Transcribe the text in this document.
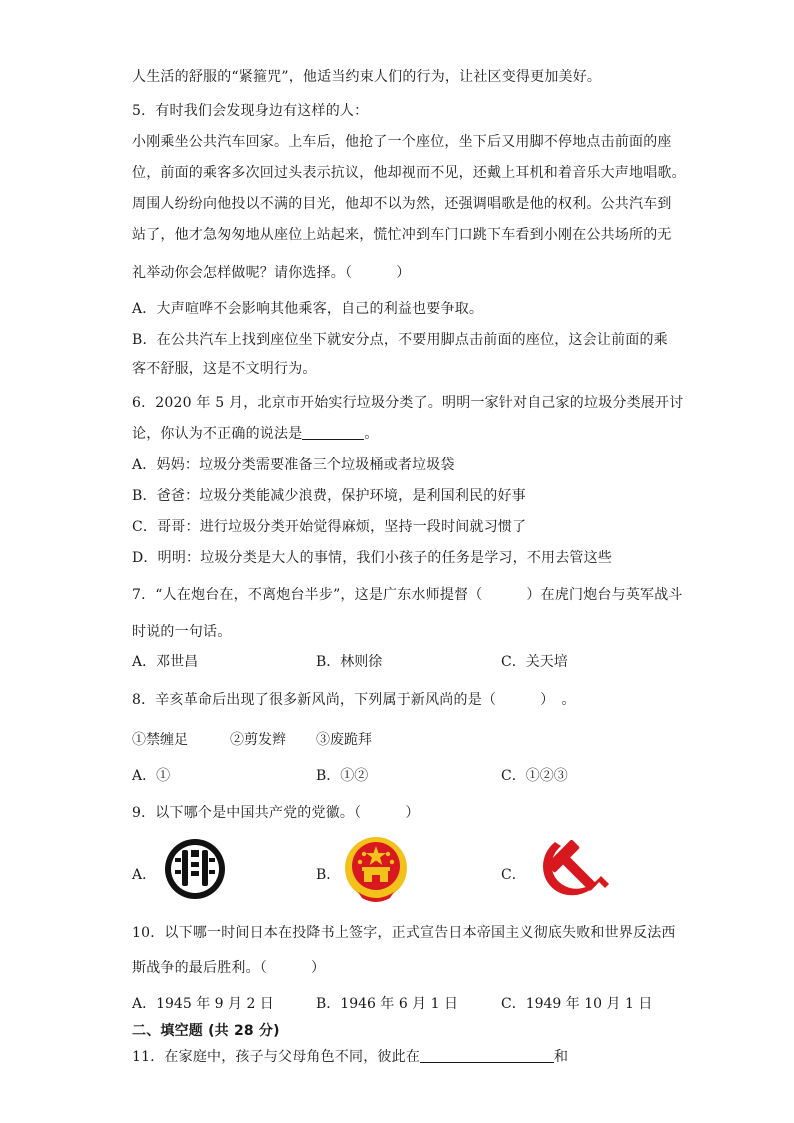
人生活的舒服的“紧箍咒”，他适当约束人们的行为，让社区变得更加美好。
5．有时我们会发现身边有这样的人：
小刚乘坐公共汽车回家。上车后，他抢了一个座位，坐下后又用脚不停地点击前面的座
位，前面的乘客多次回过头表示抗议，他却视而不见，还戴上耳机和着音乐大声地唱歌。
周围人纷纷向他投以不满的目光，他却不以为然，还强调唱歌是他的权利。公共汽车到
站了，他才急匆匆地从座位上站起来，慌忙冲到车门口跳下车看到小刚在公共场所的无
礼举动你会怎样做呢？请你选择。（	）
A．大声喧哗不会影响其他乘客，自己的利益也要争取。
B．在公共汽车上找到座位坐下就安分点，不要用脚点击前面的座位，这会让前面的乘
客不舒服，这是不文明行为。
6．2020 年 5 月，北京市开始实行垃圾分类了。明明一家针对自己家的垃圾分类展开讨
论，你认为不正确的说法是	。
A．妈妈：垃圾分类需要准备三个垃圾桶或者垃圾袋
B．爸爸：垃圾分类能减少浪费，保护环境，是利国利民的好事
C．哥哥：进行垃圾分类开始觉得麻烦，坚持一段时间就习惯了
D．明明：垃圾分类是大人的事情，我们小孩子的任务是学习，不用去管这些
7．“人在炮台在，不离炮台半步”，这是广东水师提督（	）在虎门炮台与英军战斗
时说的一句话。
A．邓世昌	B．林则徐	C．关天培
8．辛亥革命后出现了很多新风尚，下列属于新风尚的是（	）　。
①禁缠足	②剪发辫 ③废跪拜
A．①	B．①②	C．①②③
9．以下哪个是中国共产党的党徽。（	）
A．	B．	C．
10．以下哪一时间日本在投降书上签字，正式宣告日本帝国主义彻底失败和世界反法西
斯战争的最后胜利。（	）
A．1945 年 9 月 2 日	B．1946 年 6 月 1 日	C．1949 年 10 月 1 日
二、填空题 (共 28 分)
11．在家庭中，孩子与父母角色不同，彼此在	和
